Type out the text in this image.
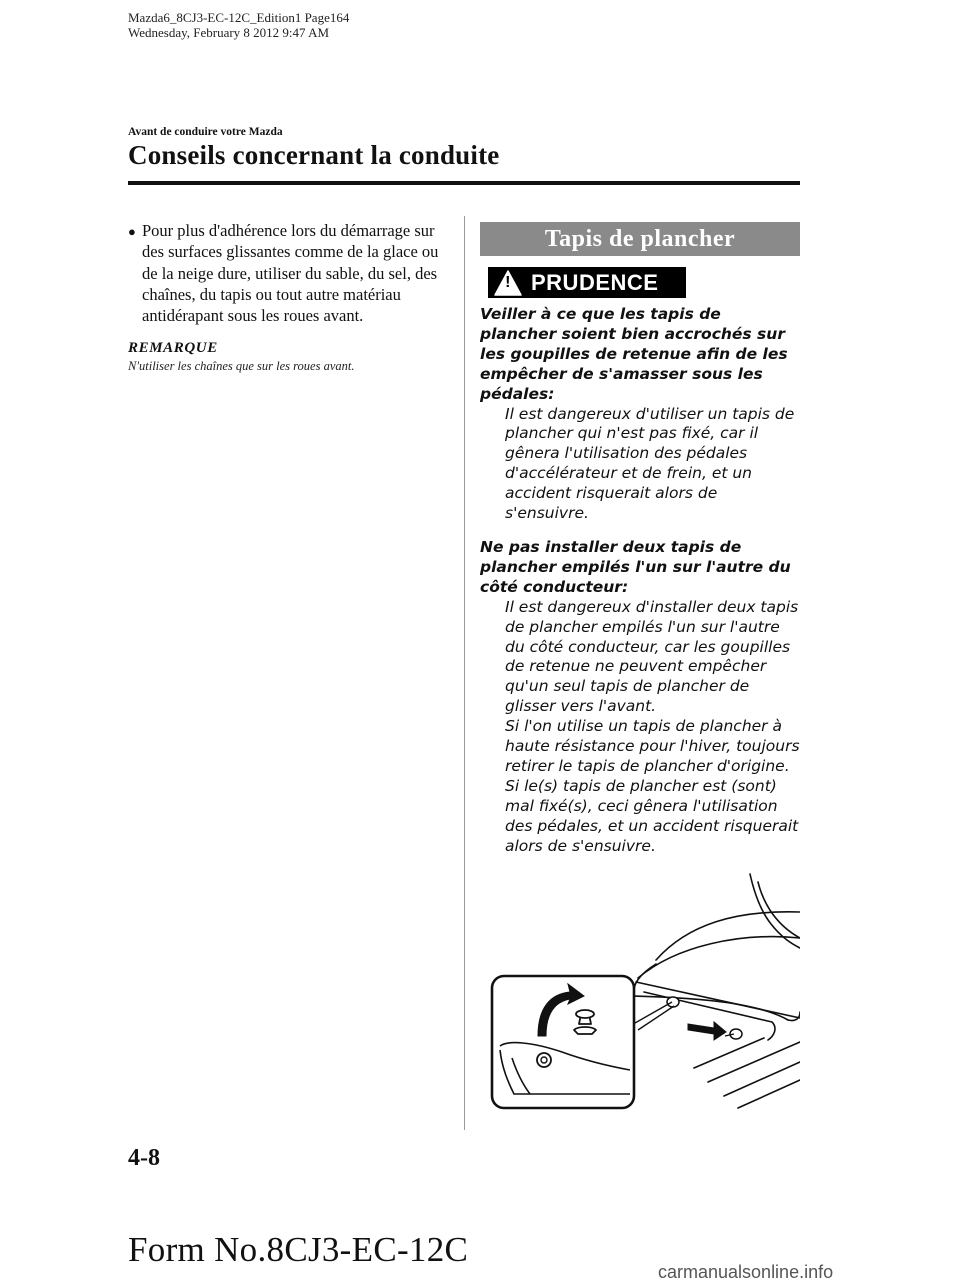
Mazda6_8CJ3-EC-12C_Edition1 Page164
Wednesday, February 8 2012 9:47 AM
Avant de conduire votre Mazda
Conseils concernant la conduite
● Pour plus d'adhérence lors du démarrage sur des surfaces glissantes comme de la glace ou de la neige dure, utiliser du sable, du sel, des chaînes, du tapis ou tout autre matériau antidérapant sous les roues avant.
REMARQUE
N'utiliser les chaînes que sur les roues avant.
Tapis de plancher
! PRUDENCE
Veiller à ce que les tapis de plancher soient bien accrochés sur les goupilles de retenue afin de les empêcher de s'amasser sous les pédales:
Il est dangereux d'utiliser un tapis de plancher qui n'est pas fixé, car il gênera l'utilisation des pédales d'accélérateur et de frein, et un accident risquerait alors de s'ensuivre.
Ne pas installer deux tapis de plancher empilés l'un sur l'autre du côté conducteur:
Il est dangereux d'installer deux tapis de plancher empilés l'un sur l'autre du côté conducteur, car les goupilles de retenue ne peuvent empêcher qu'un seul tapis de plancher de glisser vers l'avant.
Si l'on utilise un tapis de plancher à haute résistance pour l'hiver, toujours retirer le tapis de plancher d'origine.
Si le(s) tapis de plancher est (sont) mal fixé(s), ceci gênera l'utilisation des pédales, et un accident risquerait alors de s'ensuivre.
4-8
Form No.8CJ3-EC-12C
carmanualsonline.info
